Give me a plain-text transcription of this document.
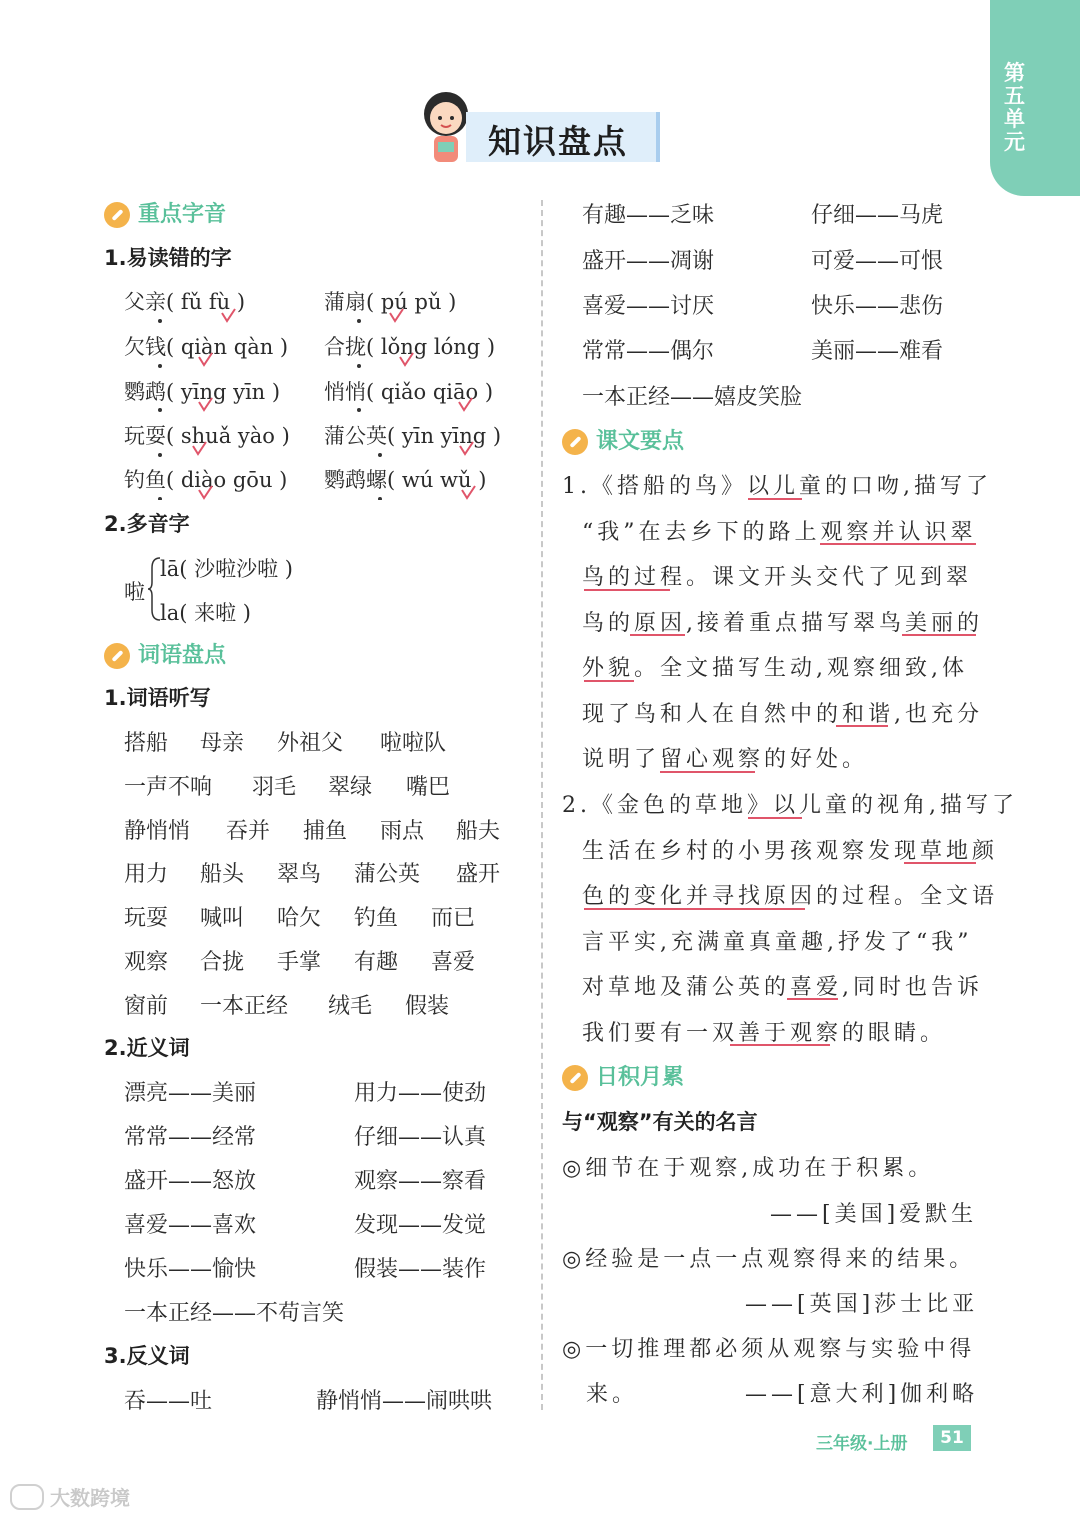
第五单元
知识盘点
重点字音
1.易读错的字
父亲( fǔ fù )	蒲扇( pú pǔ )
欠钱( qiàn qàn ) 合拢( lǒng lóng )
鹦鹉( yīng yīn ) 悄悄( qiǎo qiāo )
玩耍( shuǎ yào ) 蒲公英( yīn yīng )
钓鱼( diào gōu ) 鹦鹉螺( wú wǔ )
2.多音字
啦
lā( 沙啦沙啦 )
la( 来啦 )
词语盘点
1.词语听写
搭船 母亲 外祖父 啦啦队
一声不响 羽毛 翠绿 嘴巴
静悄悄 吞并 捕鱼 雨点 船夫
用力 船头 翠鸟 蒲公英 盛开
玩耍 喊叫 哈欠 钓鱼 而已
观察 合拢 手掌 有趣 喜爱
窗前 一本正经 绒毛 假装
2.近义词
漂亮——美丽	用力——使劲
常常——经常	仔细——认真
盛开——怒放	观察——察看
喜爱——喜欢	发现——发觉
快乐——愉快	假装——装作
一本正经——不苟言笑
3.反义词
吞——吐	静悄悄——闹哄哄
有趣——乏味	仔细——马虎
盛开——凋谢	可爱——可恨
喜爱——讨厌	快乐——悲伤
常常——偶尔	美丽——难看
一本正经——嬉皮笑脸
课文要点
1.《搭船的鸟》以儿童的口吻,描写了
“我”在去乡下的路上观察并认识翠
鸟的过程。课文开头交代了见到翠
鸟的原因,接着重点描写翠鸟美丽的
外貌。全文描写生动,观察细致,体
现了鸟和人在自然中的和谐,也充分
说明了留心观察的好处。
2.《金色的草地》以儿童的视角,描写了
生活在乡村的小男孩观察发现草地颜
色的变化并寻找原因的过程。全文语
言平实,充满童真童趣,抒发了“我”
对草地及蒲公英的喜爱,同时也告诉
我们要有一双善于观察的眼睛。
日积月累
与“观察”有关的名言
◎细节在于观察,成功在于积累。
——[美国]爱默生
◎经验是一点一点观察得来的结果。
——[英国]莎士比亚
◎一切推理都必须从观察与实验中得
来。	——[意大利]伽利略
三年级·上册	51
大数跨境
